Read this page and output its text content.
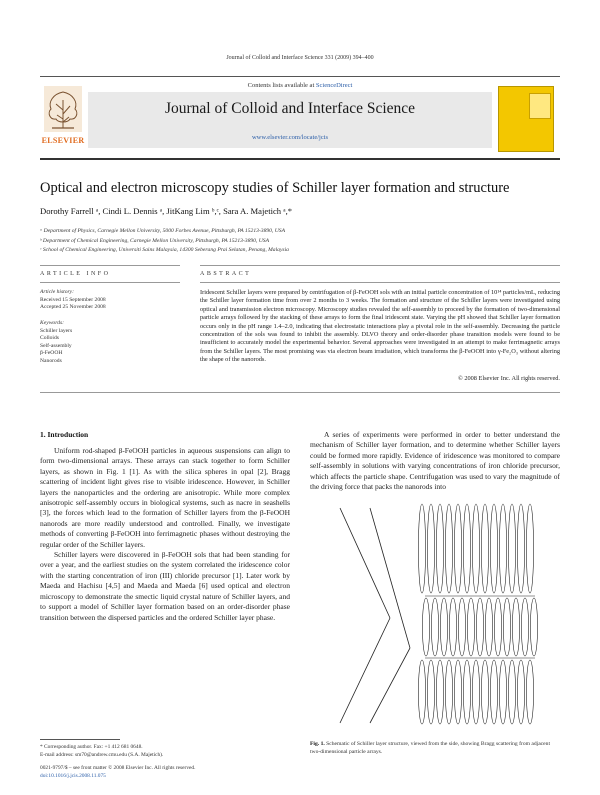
Journal of Colloid and Interface Science 331 (2009) 394–400
Contents lists available at ScienceDirect
ELSEVIER
Journal of Colloid and Interface Science
www.elsevier.com/locate/jcis
Optical and electron microscopy studies of Schiller layer formation and structure
Dorothy Farrell ᵃ, Cindi L. Dennis ᵃ, JitKang Lim ᵇ,ᶜ, Sara A. Majetich ᵃ,*
ᵃ Department of Physics, Carnegie Mellon University, 5000 Forbes Avenue, Pittsburgh, PA 15213-3890, USA
ᵇ Department of Chemical Engineering, Carnegie Mellon University, Pittsburgh, PA 15213-3890, USA
ᶜ School of Chemical Engineering, Universiti Sains Malaysia, 14300 Seberang Prai Selatan, Penang, Malaysia
ARTICLE INFO	ABSTRACT
Article history:
Received 15 September 2008
Accepted 25 November 2008
Keywords:
Schiller layers
Colloids
Self-assembly
β-FeOOH
Nanorods
Iridescent Schiller layers were prepared by centrifugation of β-FeOOH sols with an initial particle concentration of 10¹⁴ particles/mL, reducing the Schiller layer formation time from over 2 months to 3 weeks. The formation and structure of the Schiller layers were investigated using optical and transmission electron microscopy. Microscopy studies revealed the self-assembly to proceed by the formation of two-dimensional particle arrays followed by the stacking of these arrays to form the final iridescent state. Varying the pH showed that Schiller layer formation occurs only in the pH range 1.4–2.0, indicating that electrostatic interactions play a pivotal role in the self-assembly. Decreasing the particle concentration of the sols was found to inhibit the assembly. DLVO theory and order-disorder phase transition models were found to be insufficient to accurately model the experimental behavior. Several approaches were investigated in an attempt to make ferrimagnetic arrays from the Schiller layers. The most promising was via electron beam irradiation, which transforms the β-FeOOH into γ-Fe₂O₃ without altering the shape of the nanorods.
© 2008 Elsevier Inc. All rights reserved.
1. Introduction

Uniform rod-shaped β-FeOOH particles in aqueous suspensions can align to form two-dimensional arrays. These arrays can stack together to form Schiller layers, as shown in Fig. 1 [1]. As with the silica spheres in opal [2], Bragg scattering of incident light gives rise to visible iridescence. However, in Schiller layers the nanoparticles and the ordering are anisotropic. While more complex anisotropic self-assembly occurs in biological systems, such as nacre in seashells [3], the forces which lead to the formation of Schiller layers from the β-FeOOH nanorods are more readily understood and controlled. Finally, we investigate methods of converting β-FeOOH into ferrimagnetic phases without destroying the regular order of the Schiller layers.

Schiller layers were discovered in β-FeOOH sols that had been standing for over a year, and the earliest studies on the system correlated the iridescence color with the starting concentration of iron (III) chloride precursor [1]. Later work by Maeda and Hachisu [4,5] and Maeda and Maeda [6] used optical and electron microscopy to demonstrate the smectic liquid crystal nature of Schiller layers, and to support a model of Schiller layer formation based on an order-disorder phase transition between the dispersed particles and the ordered Schiller layer phase.

A series of experiments were performed in order to better understand the mechanism of Schiller layer formation, and to determine whether Schiller layers could be formed more rapidly. Evidence of iridescence was monitored to compare self-assembly in solutions with varying concentrations of iron chloride precursor, which affects the particle shape. Centrifugation was used to vary the magnitude of the driving force that packs the nanorods into

Fig. 1. Schematic of Schiller layer structure, viewed from the side, showing Bragg scattering from adjacent two-dimensional particle arrays.
* Corresponding author. Fax: +1 412 681 0648.
E-mail address: sm70@andrew.cmu.edu (S.A. Majetich).
0021-9797/$ – see front matter © 2008 Elsevier Inc. All rights reserved.
doi:10.1016/j.jcis.2008.11.075
